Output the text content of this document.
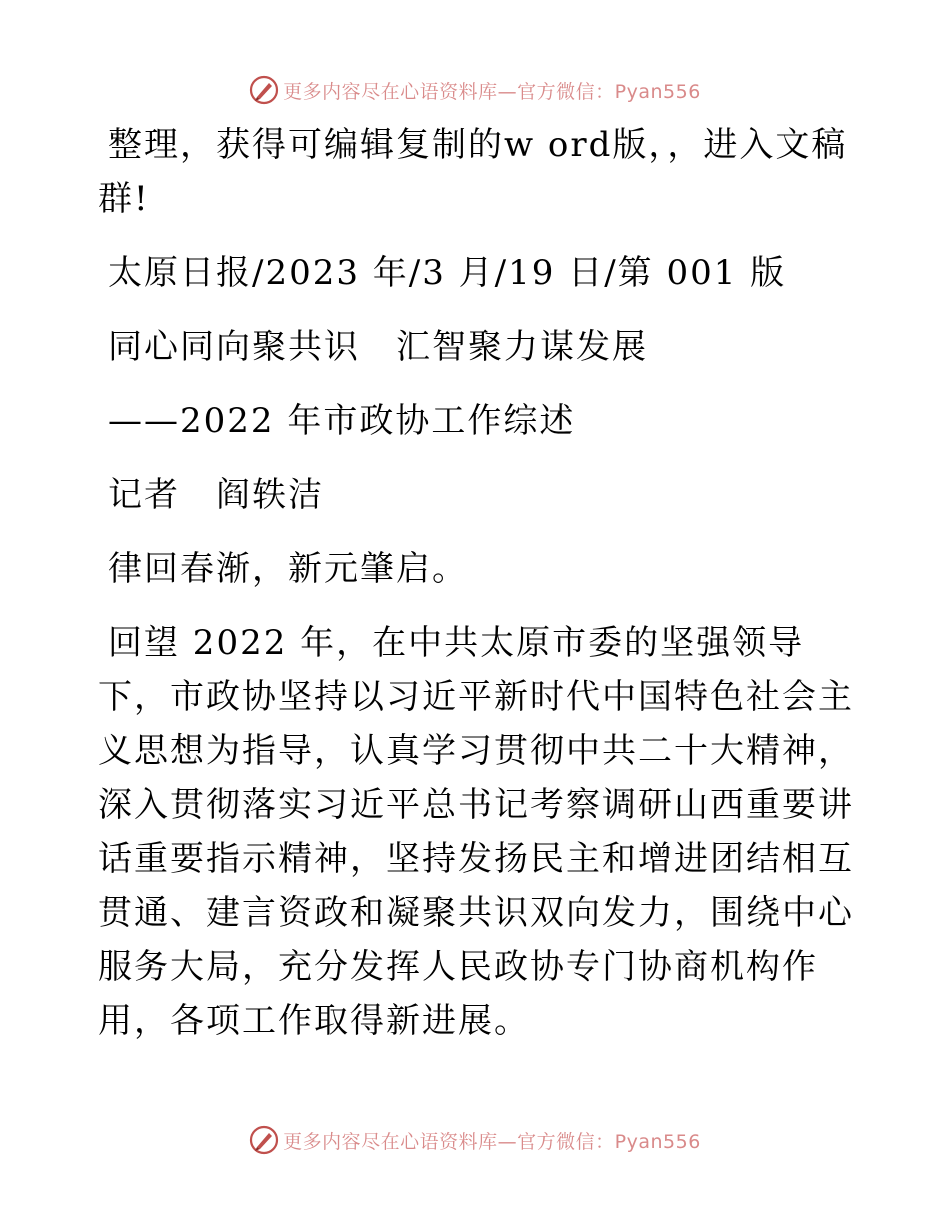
更多内容尽在心语资料库—官方微信：Pyan556
整理，获得可编辑复制的w ord版，，进入文稿
群!
太原日报/2023 年/3 月/19 日/第 001 版
同心同向聚共识　汇智聚力谋发展
——2022 年市政协工作综述
记者　阎轶洁
律回春渐，新元肇启。
回望 2022 年，在中共太原市委的坚强领导下，市政协坚持以习近平新时代中国特色社会主义思想为指导，认真学习贯彻中共二十大精神，深入贯彻落实习近平总书记考察调研山西重要讲话重要指示精神，坚持发扬民主和增进团结相互贯通、建言资政和凝聚共识双向发力，围绕中心服务大局，充分发挥人民政协专门协商机构作用，各项工作取得新进展。
更多内容尽在心语资料库—官方微信：Pyan556
